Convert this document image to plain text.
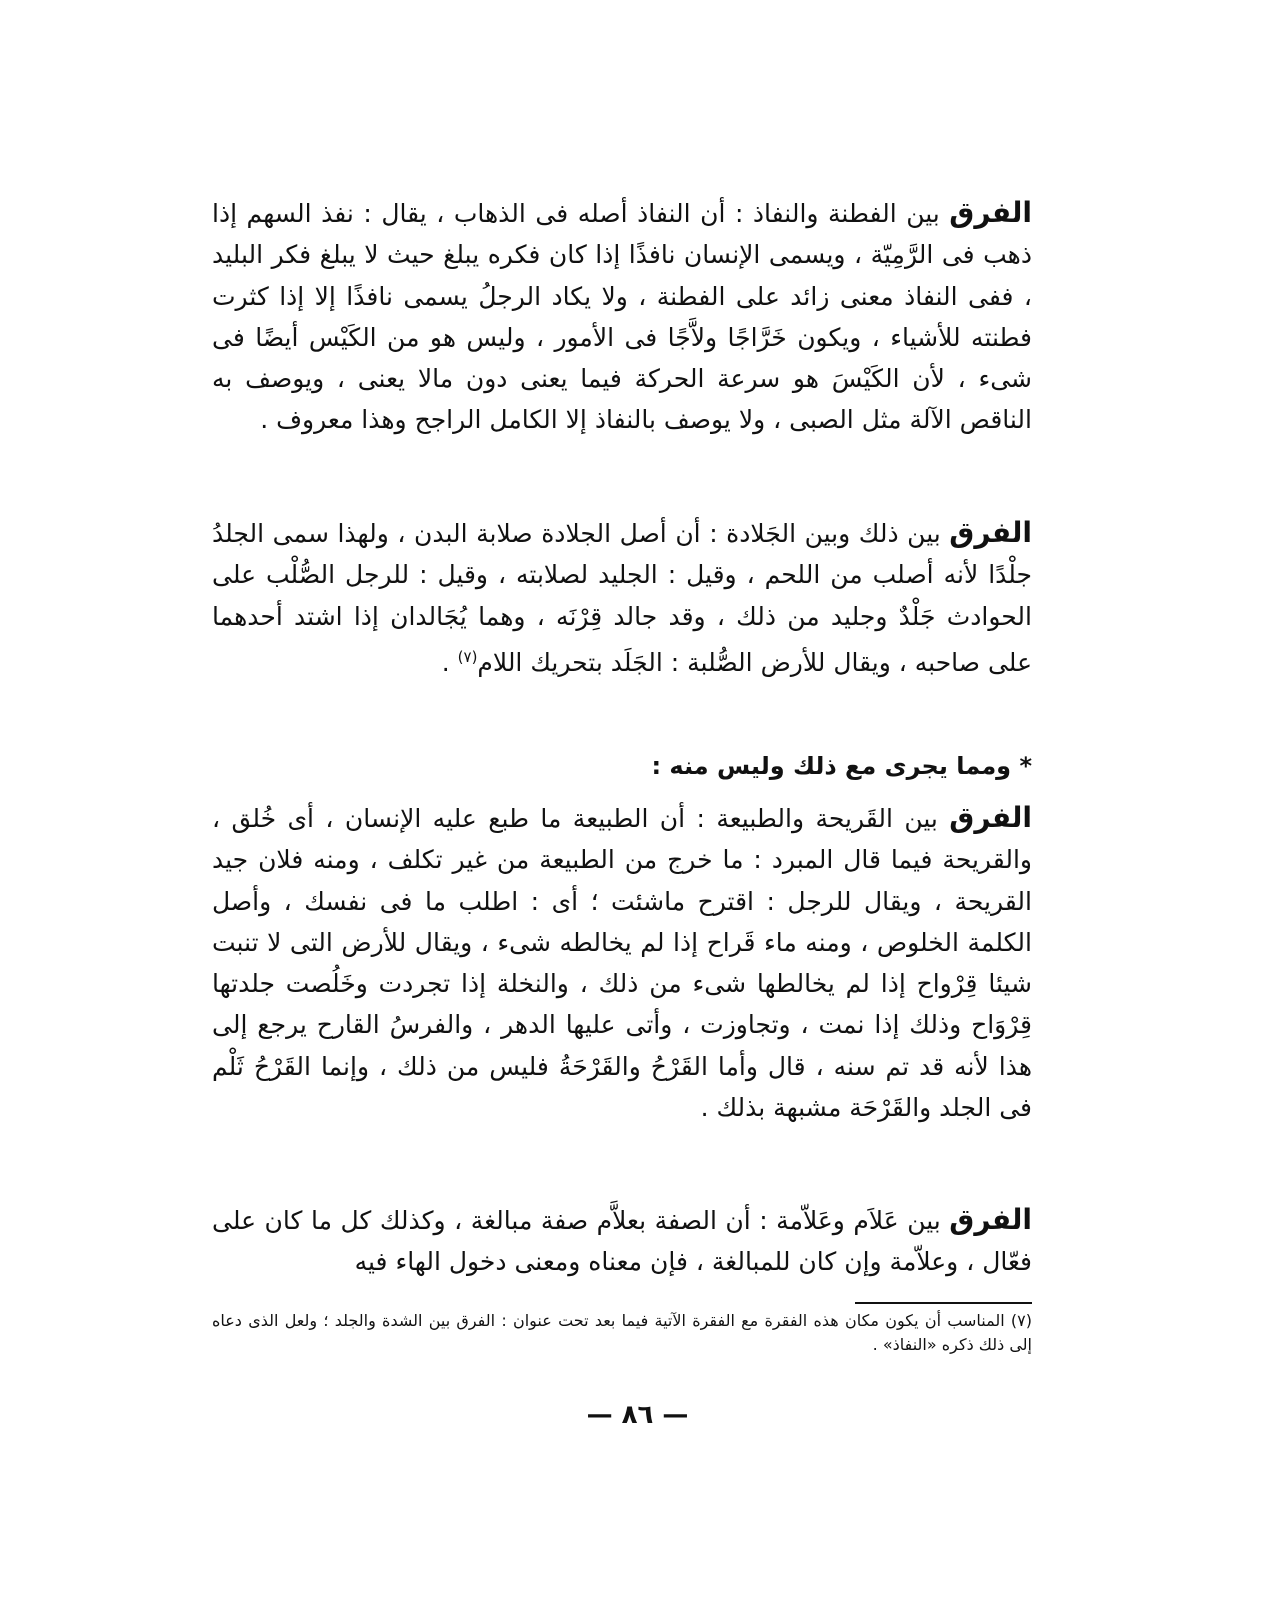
الفرق بين الفطنة والنفاذ : أن النفاذ أصله فى الذهاب ، يقال : نفذ السهم إذا ذهب فى الرَّمِيّة ، ويسمى الإنسان نافذًا إذا كان فكره يبلغ حيث لا يبلغ فكر البليد ، ففى النفاذ معنى زائد على الفطنة ، ولا يكاد الرجلُ يسمى نافذًا إلا إذا كثرت فطنته للأشياء ، ويكون خَرَّاجًا ولاَّجًا فى الأمور ، وليس هو من الكَيْس أيضًا فى شىء ، لأن الكَيْسَ هو سرعة الحركة فيما يعنى دون مالا يعنى ، ويوصف به الناقص الآلة مثل الصبى ، ولا يوصف بالنفاذ إلا الكامل الراجح وهذا معروف .

الفرق بين ذلك وبين الجَلادة : أن أصل الجلادة صلابة البدن ، ولهذا سمى الجلدُ جلْدًا لأنه أصلب من اللحم ، وقيل : الجليد لصلابته ، وقيل : للرجل الصُّلْب على الحوادث جَلْدٌ وجليد من ذلك ، وقد جالد قِرْنَه ، وهما يُجَالدان إذا اشتد أحدهما على صاحبه ، ويقال للأرض الصُّلبة : الجَلَد بتحريك اللام$^{(٧)}$ .

* ومما يجرى مع ذلك وليس منه :

الفرق بين القَريحة والطبيعة : أن الطبيعة ما طبع عليه الإنسان ، أى خُلق ، والقريحة فيما قال المبرد : ما خرج من الطبيعة من غير تكلف ، ومنه فلان جيد القريحة ، ويقال للرجل : اقترح ماشئت ؛ أى : اطلب ما فى نفسك ، وأصل الكلمة الخلوص ، ومنه ماء قَراح إذا لم يخالطه شىء ، ويقال للأرض التى لا تنبت شيئا قِرْواح إذا لم يخالطها شىء من ذلك ، والنخلة إذا تجردت وخَلُصت جلدتها قِرْوَاح وذلك إذا نمت ، وتجاوزت ، وأتى عليها الدهر ، والفرسُ القارح يرجع إلى هذا لأنه قد تم سنه ، قال وأما القَرْحُ والقَرْحَةُ فليس من ذلك ، وإنما القَرْحُ ثَلْم فى الجلد والقَرْحَة مشبهة بذلك .

الفرق بين عَلاَم وعَلاّمة : أن الصفة بعلاَّم صفة مبالغة ، وكذلك كل ما كان على فعّال ، وعلاّمة وإن كان للمبالغة ، فإن معناه ومعنى دخول الهاء فيه

(٧) المناسب أن يكون مكان هذه الفقرة مع الفقرة الآتية فيما بعد تحت عنوان : الفرق بين الشدة والجلد ؛ ولعل الذى دعاه إلى ذلك ذكره «النفاذ» .
— ٨٦ —
